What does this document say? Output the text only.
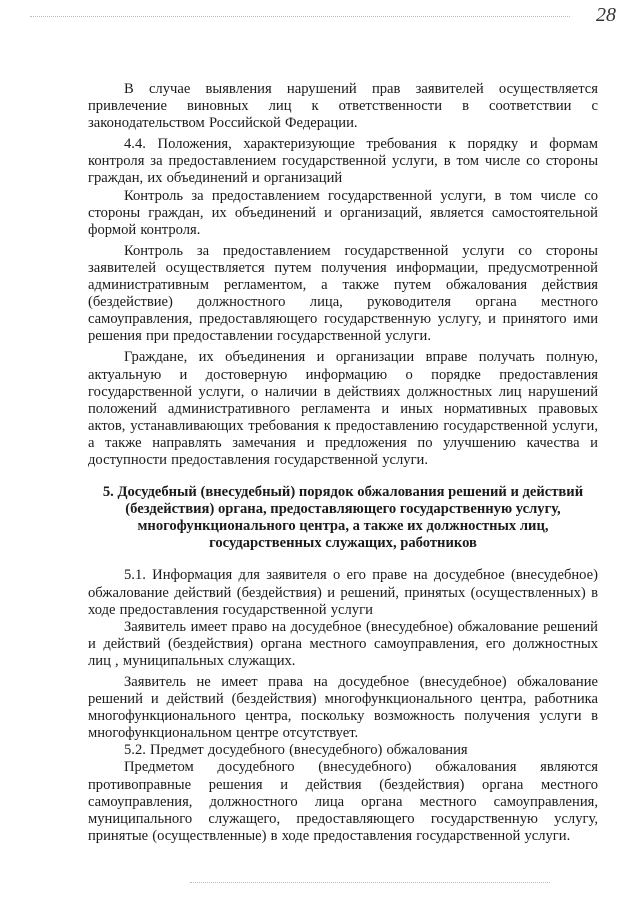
28

В случае выявления нарушений прав заявителей осуществляется привлечение виновных лиц к ответственности в соответствии с законодательством Российской Федерации.

4.4. Положения, характеризующие требования к порядку и формам контроля за предоставлением государственной услуги, в том числе со стороны граждан, их объединений и организаций

Контроль за предоставлением государственной услуги, в том числе со стороны граждан, их объединений и организаций, является самостоятельной формой контроля.

Контроль за предоставлением государственной услуги со стороны заявителей осуществляется путем получения информации, предусмотренной административным регламентом, а также путем обжалования действия (бездействие) должностного лица, руководителя органа местного самоуправления, предоставляющего государственную услугу, и принятого ими решения при предоставлении государственной услуги.

Граждане, их объединения и организации вправе получать полную, актуальную и достоверную информацию о порядке предоставления государственной услуги, о наличии в действиях должностных лиц нарушений положений административного регламента и иных нормативных правовых актов, устанавливающих требования к предоставлению государственной услуги, а также направлять замечания и предложения по улучшению качества и доступности предоставления государственной услуги.

5. Досудебный (внесудебный) порядок обжалования решений и действий (бездействия) органа, предоставляющего государственную услугу, многофункционального центра, а также их должностных лиц, государственных служащих, работников

5.1. Информация для заявителя о его праве на досудебное (внесудебное) обжалование действий (бездействия) и решений, принятых (осуществленных) в ходе предоставления государственной услуги

Заявитель имеет право на досудебное (внесудебное) обжалование решений и действий (бездействия) органа местного самоуправления, его должностных лиц , муниципальных служащих.

Заявитель не имеет права на досудебное (внесудебное) обжалование решений и действий (бездействия) многофункционального центра, работника многофункционального центра, поскольку возможность получения услуги в многофункциональном центре отсутствует.

5.2. Предмет досудебного (внесудебного) обжалования

Предметом досудебного (внесудебного) обжалования являются противоправные решения и действия (бездействия) органа местного самоуправления, должностного лица органа местного самоуправления, муниципального служащего, предоставляющего государственную услугу, принятые (осуществленные) в ходе предоставления государственной услуги.
